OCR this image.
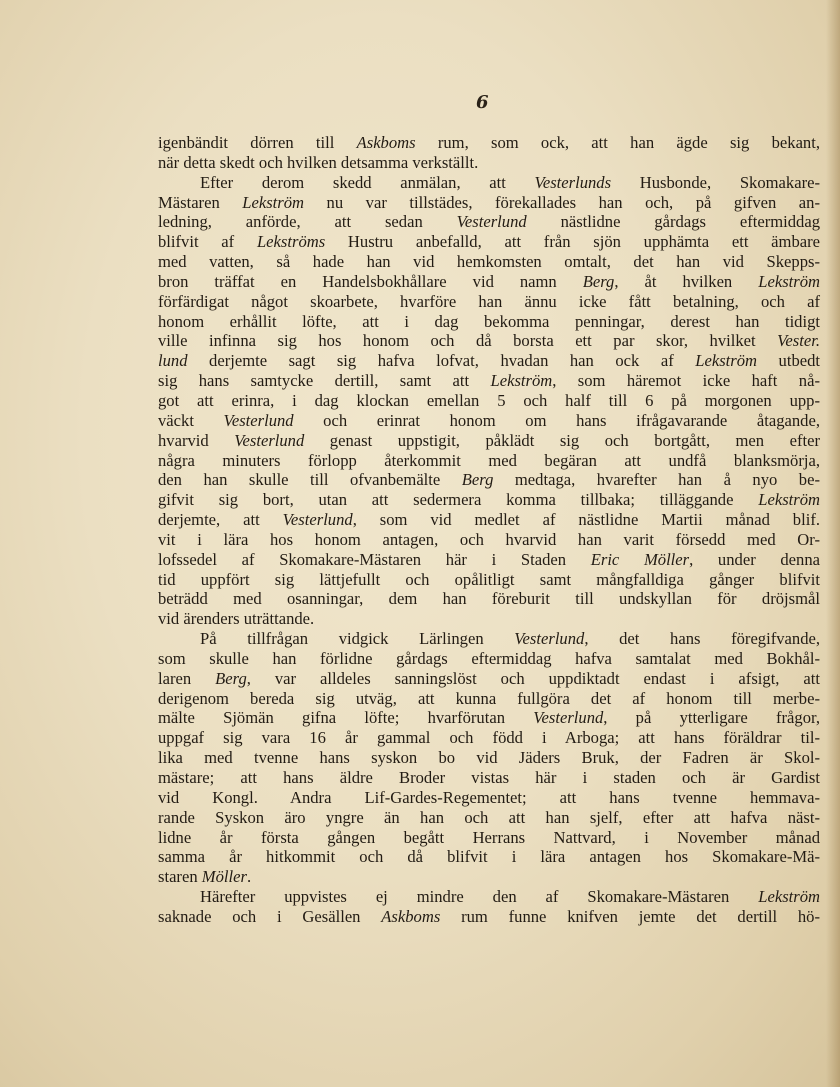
6
igenbändit dörren till Askboms rum, som ock, att han ägde sig bekant,
när detta skedt och hvilken detsamma verkställt.
Efter derom skedd anmälan, att Vesterlunds Husbonde, Skomakare-
Mästaren Lekström nu var tillstädes, förekallades han och, på gifven an-
ledning, anförde, att sedan Vesterlund nästlidne gårdags eftermiddag
blifvit af Lekströms Hustru anbefalld, att från sjön upphämta ett ämbare
med vatten, så hade han vid hemkomsten omtalt, det han vid Skepps-
bron träffat en Handelsbokhållare vid namn Berg, åt hvilken Lekström
förfärdigat något skoarbete, hvarföre han ännu icke fått betalning, och af
honom erhållit löfte, att i dag bekomma penningar, derest han tidigt
ville infinna sig hos honom och då borsta ett par skor, hvilket Vester.
lund derjemte sagt sig hafva lofvat, hvadan han ock af Lekström utbedt
sig hans samtycke dertill, samt att Lekström, som häremot icke haft nå-
got att erinra, i dag klockan emellan 5 och half till 6 på morgonen upp-
väckt Vesterlund och erinrat honom om hans ifrågavarande åtagande,
hvarvid Vesterlund genast uppstigit, påklädt sig och bortgått, men efter
några minuters förlopp återkommit med begäran att undfå blanksmörja,
den han skulle till ofvanbemälte Berg medtaga, hvarefter han å nyo be-
gifvit sig bort, utan att sedermera komma tillbaka; tilläggande Lekström
derjemte, att Vesterlund, som vid medlet af nästlidne Martii månad blif.
vit i lära hos honom antagen, och hvarvid han varit försedd med Or-
lofssedel af Skomakare-Mästaren här i Staden Eric Möller, under denna
tid uppfört sig lättjefullt och opålitligt samt mångfalldiga gånger blifvit
beträdd med osanningar, dem han föreburit till undskyllan för dröjsmål
vid ärenders uträttande.
På tillfrågan vidgick Lärlingen Vesterlund, det hans föregifvande,
som skulle han förlidne gårdags eftermiddag hafva samtalat med Bokhål-
laren Berg, var alldeles sanningslöst och uppdiktadt endast i afsigt, att
derigenom bereda sig utväg, att kunna fullgöra det af honom till merbe-
mälte Sjömän gifna löfte; hvarförutan Vesterlund, på ytterligare frågor,
uppgaf sig vara 16 år gammal och född i Arboga; att hans föräldrar til-
lika med tvenne hans syskon bo vid Jäders Bruk, der Fadren är Skol-
mästare; att hans äldre Broder vistas här i staden och är Gardist
vid Kongl. Andra Lif-Gardes-Regementet; att hans tvenne hemmava-
rande Syskon äro yngre än han och att han sjelf, efter att hafva näst-
lidne år första gången begått Herrans Nattvard, i November månad
samma år hitkommit och då blifvit i lära antagen hos Skomakare-Mä-
staren Möller.
Härefter uppvistes ej mindre den af Skomakare-Mästaren Lekström
saknade och i Gesällen Askboms rum funne knifven jemte det dertill hö-
